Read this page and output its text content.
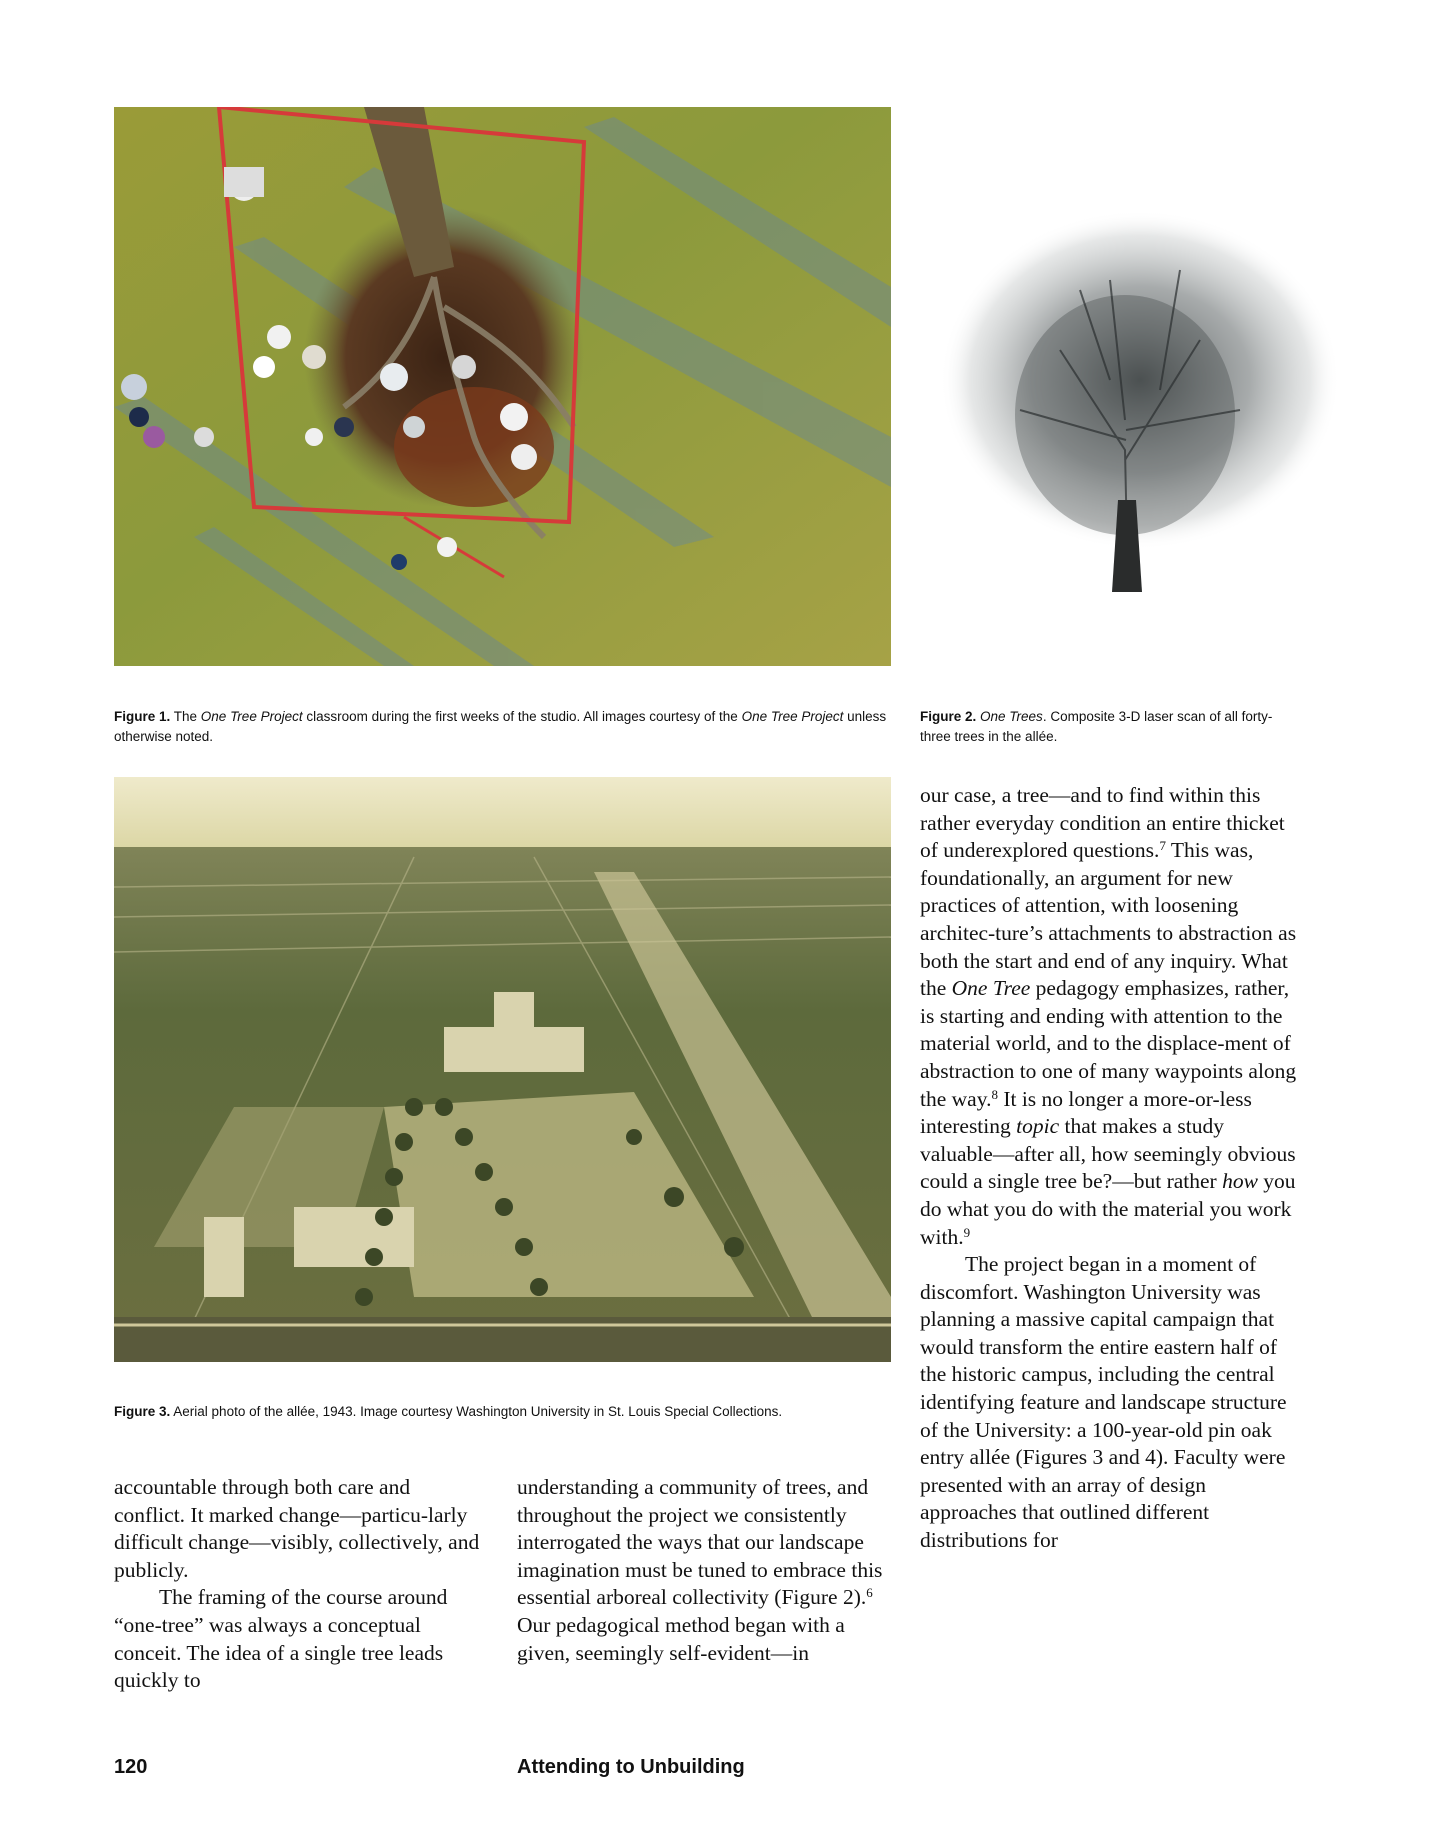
Figure 1. The One Tree Project classroom during the first weeks of the studio. All images courtesy of the One Tree Project unless otherwise noted.
Figure 2. One Trees. Composite 3-D laser scan of all forty-three trees in the allée.
Figure 3. Aerial photo of the allée, 1943. Image courtesy Washington University in St. Louis Special Collections.

accountable through both care and conflict. It marked change—particu-larly difficult change—visibly, collectively, and publicly.

The framing of the course around “one-tree” was always a conceptual conceit. The idea of a single tree leads quickly to

understanding a community of trees, and throughout the project we consistently interrogated the ways that our landscape imagination must be tuned to embrace this essential arboreal collectivity (Figure 2).$^6$ Our pedagogical method began with a given, seemingly self-evident—in

our case, a tree—and to find within this rather everyday condition an entire thicket of underexplored questions.$^7$ This was, foundationally, an argument for new practices of attention, with loosening architec-ture’s attachments to abstraction as both the start and end of any inquiry. What the One Tree pedagogy emphasizes, rather, is starting and ending with attention to the material world, and to the displace-ment of abstraction to one of many waypoints along the way.$^8$ It is no longer a more-or-less interesting topic that makes a study valuable—after all, how seemingly obvious could a single tree be?—but rather how you do what you do with the material you work with.$^9$

The project began in a moment of discomfort. Washington University was planning a massive capital campaign that would transform the entire eastern half of the historic campus, including the central identifying feature and landscape structure of the University: a 100-year-old pin oak entry allée (Figures 3 and 4). Faculty were presented with an array of design approaches that outlined different distributions for

120	Attending to Unbuilding
